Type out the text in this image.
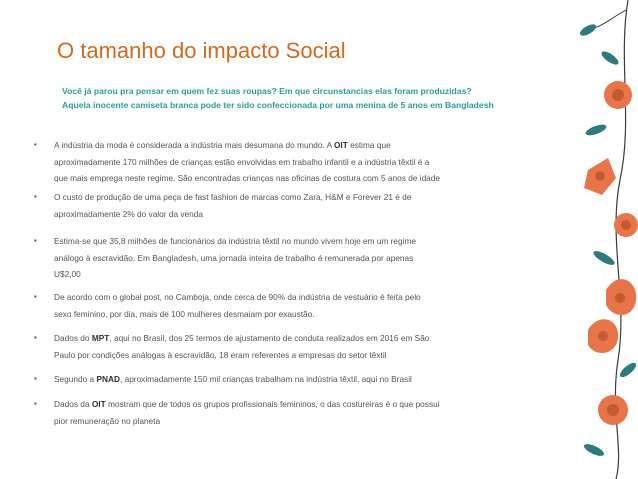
O tamanho do impacto Social
Você já parou pra pensar em quem fez suas roupas? Em que circunstancias elas foram produzidas?
Aquela inocente camiseta branca pode ter sido confeccionada por uma menina de 5 anos em Bangladesh
•	A indústria da moda é considerada a indústria mais desumana do mundo. A OIT estima que
aproximadamente 170 milhões de crianças estão envolvidas em trabalho infantil e a indústria têxtil é a
que mais emprega neste regime. São encontradas crianças nas oficinas de costura com 5 anos de idade
▪	O custo de produção de uma peça de fast fashion de marcas como Zara, H&M e Forever 21 é de
aproximadamente 2% do valor da venda
▪	Estima-se que 35,8 milhões de funcionários da indústria têxtil no mundo vivem hoje em um regime
análogo à escravidão. Em Bangladesh, uma jornada inteira de trabalho é remunerada por apenas
U$2,00
▪	De acordo com o global post, no Camboja, onde cerca de 90% da indústria de vestuário é feita pelo
sexo feminino, por dia, mais de 100 mulheres desmaiam por exaustão.
▪	Dados do MPT, aqui no Brasil, dos 25 termos de ajustamento de conduta realizados em 2016 em São
Paulo por condições análogas à escravidão, 18 eram referentes a empresas do setor têxtil
▪	Segundo a PNAD, aproximadamente 150 mil crianças trabalham na indústria têxtil, aqui no Brasil
▪	Dados da OIT mostram que de todos os grupos profissionais femininos, o das costureiras é o que possui
pior remuneração no planeta
